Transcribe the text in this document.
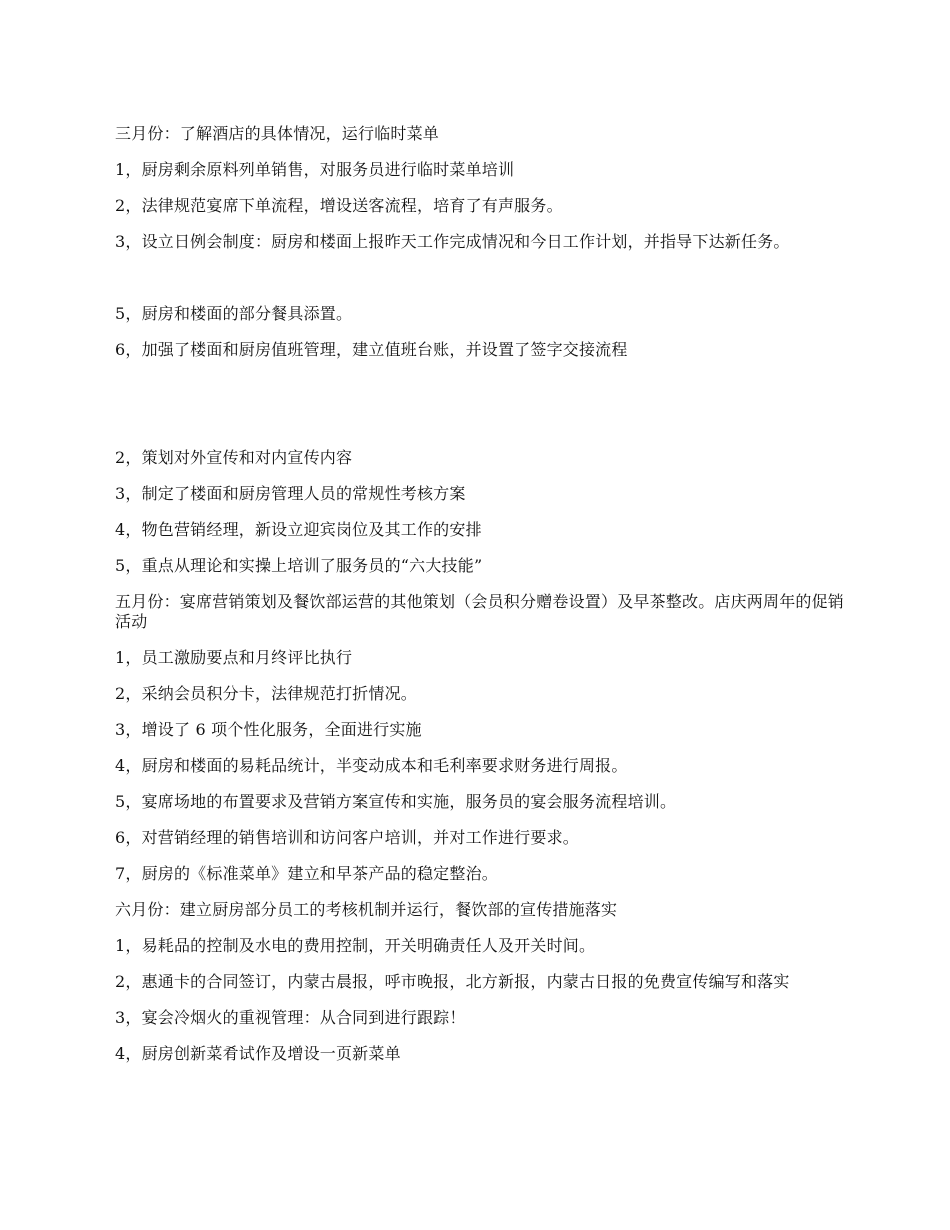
三月份：了解酒店的具体情况，运行临时菜单

1，厨房剩余原料列单销售，对服务员进行临时菜单培训

2，法律规范宴席下单流程，增设送客流程，培育了有声服务。

3，设立日例会制度：厨房和楼面上报昨天工作完成情况和今日工作计划，并指导下达新任务。

5，厨房和楼面的部分餐具添置。

6，加强了楼面和厨房值班管理，建立值班台账，并设置了签字交接流程

2，策划对外宣传和对内宣传内容

3，制定了楼面和厨房管理人员的常规性考核方案

4，物色营销经理，新设立迎宾岗位及其工作的安排

5，重点从理论和实操上培训了服务员的“六大技能”

五月份：宴席营销策划及餐饮部运营的其他策划（会员积分赠卷设置）及早茶整改。店庆两周年的促销活动

1，员工激励要点和月终评比执行

2，采纳会员积分卡，法律规范打折情况。

3，增设了 6 项个性化服务，全面进行实施

4，厨房和楼面的易耗品统计，半变动成本和毛利率要求财务进行周报。

5，宴席场地的布置要求及营销方案宣传和实施，服务员的宴会服务流程培训。

6，对营销经理的销售培训和访问客户培训，并对工作进行要求。

7，厨房的《标准菜单》建立和早茶产品的稳定整治。

六月份：建立厨房部分员工的考核机制并运行，餐饮部的宣传措施落实

1，易耗品的控制及水电的费用控制，开关明确责任人及开关时间。

2，惠通卡的合同签订，内蒙古晨报，呼市晚报，北方新报，内蒙古日报的免费宣传编写和落实

3，宴会冷烟火的重视管理：从合同到进行跟踪！

4，厨房创新菜肴试作及增设一页新菜单
